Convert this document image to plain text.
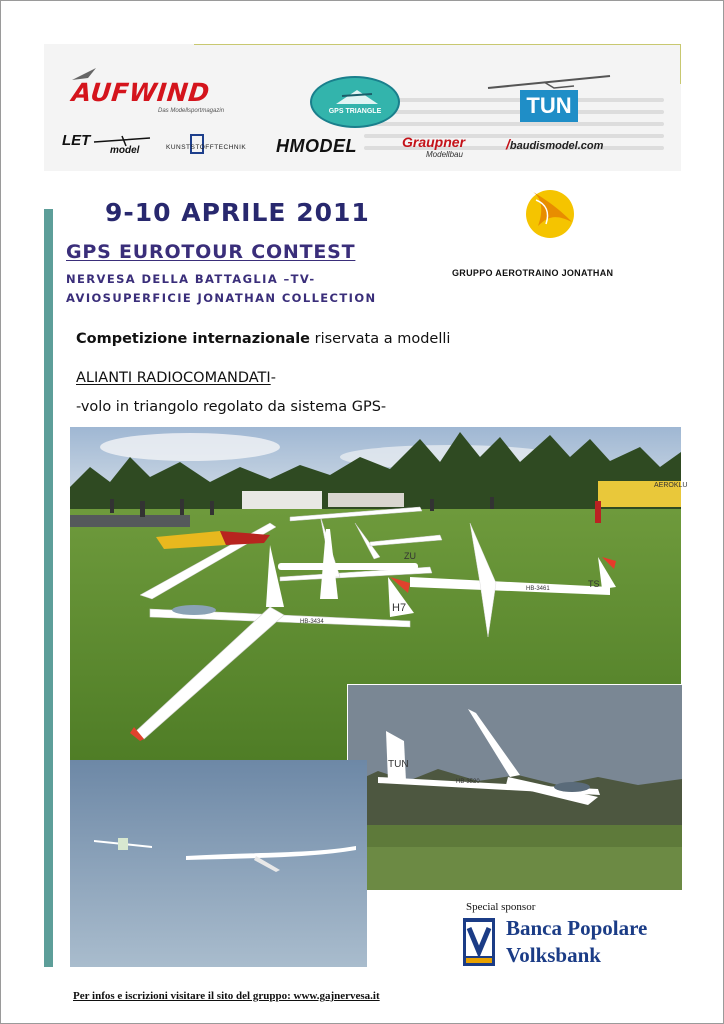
AUFWIND
Das Modellsportmagazin	GPS TRIANGLE	TUN
LET
model	KUNSTSTOFFTECHNIK HMODEL	Graupner
Modellbau
/baudismodel.com
9-10 APRILE 2011
GPS EUROTOUR CONTEST
NERVESA DELLA BATTAGLIA –TV-
AVIOSUPERFICIE JONATHAN COLLECTION
GRUPPO AEROTRAINO JONATHAN
Competizione internazionale riservata a modelli
ALIANTI RADIOCOMANDATI-
-volo in triangolo regolato da sistema GPS-
AEROKLU
ZU
TS
HB-3461
H7
HB-3434
TUN
HB-3520
Special sponsor
Banca Popolare
Volksbank
Per infos e iscrizioni visitare il sito del gruppo: www.gajnervesa.it
